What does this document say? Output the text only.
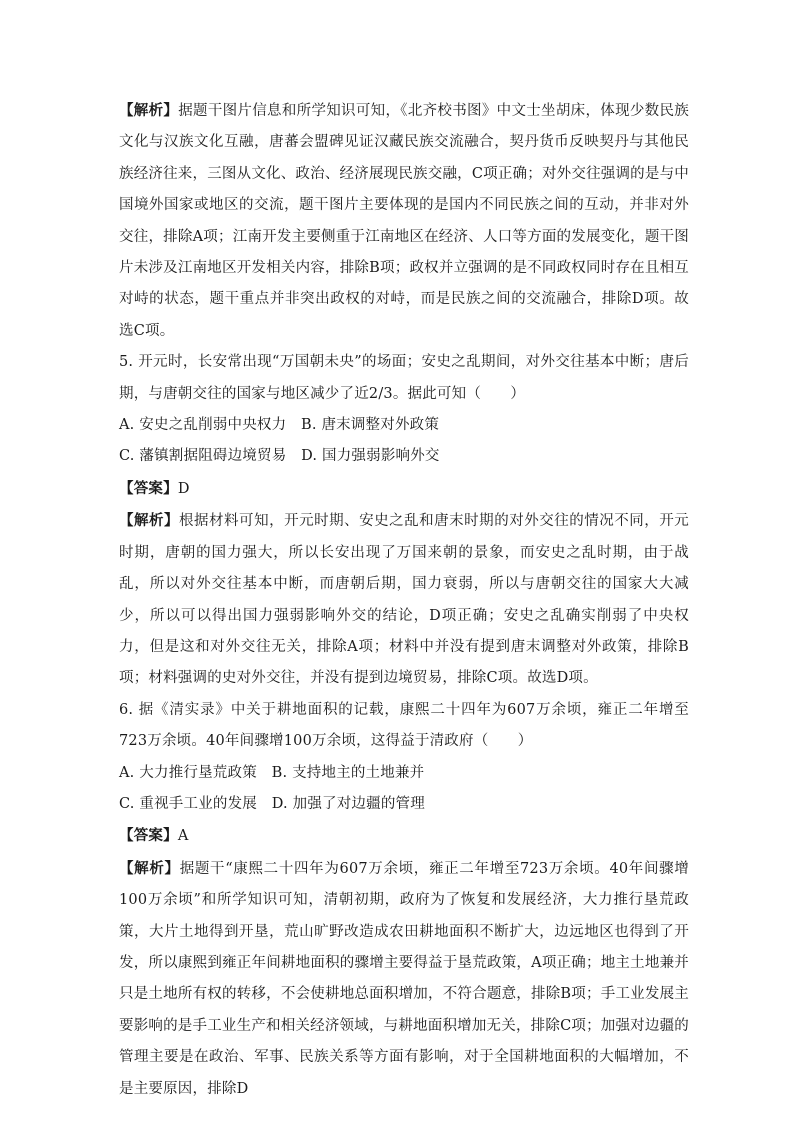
【解析】据题干图片信息和所学知识可知，《北齐校书图》中文士坐胡床，体现少数民族文化与汉族文化互融，唐蕃会盟碑见证汉藏民族交流融合，契丹货币反映契丹与其他民族经济往来，三图从文化、政治、经济展现民族交融，C项正确；对外交往强调的是与中国境外国家或地区的交流，题干图片主要体现的是国内不同民族之间的互动，并非对外交往，排除A项；江南开发主要侧重于江南地区在经济、人口等方面的发展变化，题干图片未涉及江南地区开发相关内容，排除B项；政权并立强调的是不同政权同时存在且相互对峙的状态，题干重点并非突出政权的对峙，而是民族之间的交流融合，排除D项。故选C项。

5. 开元时，长安常出现“万国朝未央”的场面；安史之乱期间，对外交往基本中断；唐后期，与唐朝交往的国家与地区减少了近2/3。据此可知（　　）

A. 安史之乱削弱中央权力　B. 唐末调整对外政策

C. 藩镇割据阻碍边境贸易　D. 国力强弱影响外交

【答案】D

【解析】根据材料可知，开元时期、安史之乱和唐末时期的对外交往的情况不同，开元时期，唐朝的国力强大，所以长安出现了万国来朝的景象，而安史之乱时期，由于战乱，所以对外交往基本中断，而唐朝后期，国力衰弱，所以与唐朝交往的国家大大减少，所以可以得出国力强弱影响外交的结论，D项正确；安史之乱确实削弱了中央权力，但是这和对外交往无关，排除A项；材料中并没有提到唐末调整对外政策，排除B项；材料强调的史对外交往，并没有提到边境贸易，排除C项。故选D项。

6. 据《清实录》中关于耕地面积的记载，康熙二十四年为607万余顷，雍正二年增至723万余顷。40年间骤增100万余顷，这得益于清政府（　　）

A. 大力推行垦荒政策　B. 支持地主的土地兼并

C. 重视手工业的发展　D. 加强了对边疆的管理

【答案】A

【解析】据题干“康熙二十四年为607万余顷，雍正二年增至723万余顷。40年间骤增100万余顷”和所学知识可知，清朝初期，政府为了恢复和发展经济，大力推行垦荒政策，大片土地得到开垦，荒山旷野改造成农田耕地面积不断扩大，边远地区也得到了开发，所以康熙到雍正年间耕地面积的骤增主要得益于垦荒政策，A项正确；地主土地兼并只是土地所有权的转移，不会使耕地总面积增加，不符合题意，排除B项；手工业发展主要影响的是手工业生产和相关经济领域，与耕地面积增加无关，排除C项；加强对边疆的管理主要是在政治、军事、民族关系等方面有影响，对于全国耕地面积的大幅增加，不是主要原因，排除D
